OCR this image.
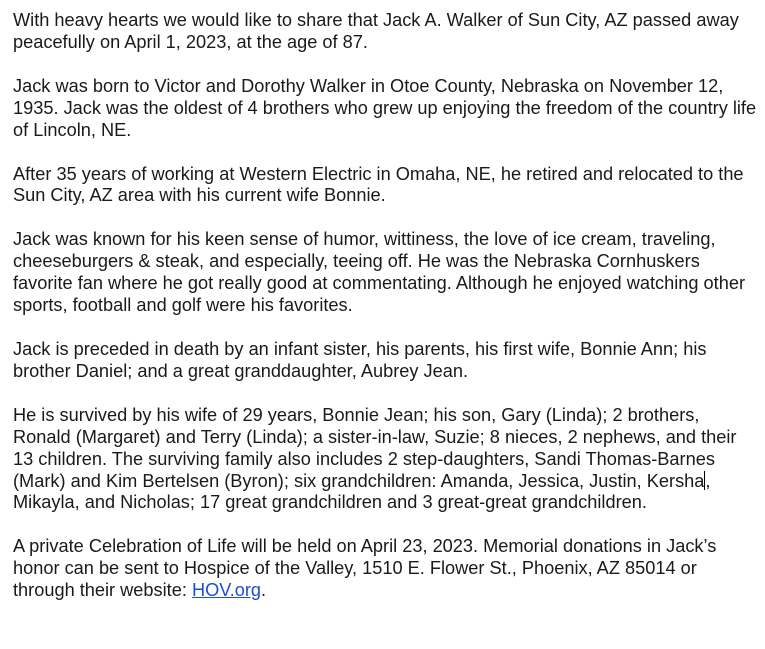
With heavy hearts we would like to share that Jack A. Walker of Sun City, AZ passed away peacefully on April 1, 2023, at the age of 87.

Jack was born to Victor and Dorothy Walker in Otoe County, Nebraska on November 12, 1935. Jack was the oldest of 4 brothers who grew up enjoying the freedom of the country life of Lincoln, NE.

After 35 years of working at Western Electric in Omaha, NE, he retired and relocated to the Sun City, AZ area with his current wife Bonnie.

Jack was known for his keen sense of humor, wittiness, the love of ice cream, traveling, cheeseburgers & steak, and especially, teeing off. He was the Nebraska Cornhuskers favorite fan where he got really good at commentating. Although he enjoyed watching other sports, football and golf were his favorites.

Jack is preceded in death by an infant sister, his parents, his first wife, Bonnie Ann; his brother Daniel; and a great granddaughter, Aubrey Jean.

He is survived by his wife of 29 years, Bonnie Jean; his son, Gary (Linda); 2 brothers, Ronald (Margaret) and Terry (Linda); a sister-in-law, Suzie; 8 nieces, 2 nephews, and their 13 children. The surviving family also includes 2 step-daughters, Sandi Thomas-Barnes (Mark) and Kim Bertelsen (Byron); six grandchildren: Amanda, Jessica, Justin, Kersha, Mikayla, and Nicholas; 17 great grandchildren and 3 great-great grandchildren.

A private Celebration of Life will be held on April 23, 2023. Memorial donations in Jack’s honor can be sent to Hospice of the Valley, 1510 E. Flower St., Phoenix, AZ 85014 or through their website: HOV.org.
